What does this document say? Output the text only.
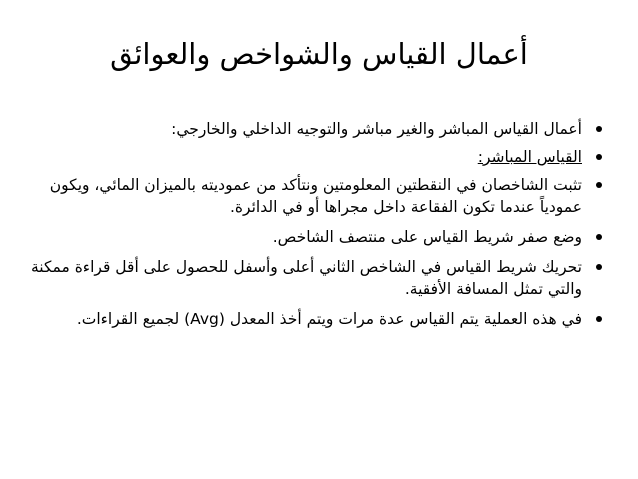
أعمال القياس والشواخص والعوائق
أعمال القياس المباشر والغير مباشر والتوجيه الداخلي والخارجي:
القياس المباشر:
تثبت الشاخصان في النقطتين المعلومتين ونتأكد من عموديته بالميزان المائي، ويكون عمودياً عندما تكون الفقاعة داخل مجراها أو في الدائرة.
وضع صفر شريط القياس على منتصف الشاخص.
تحريك شريط القياس في الشاخص الثاني أعلى وأسفل للحصول على أقل قراءة ممكنة والتي تمثل المسافة الأفقية.
في هذه العملية يتم القياس عدة مرات ويتم أخذ المعدل (Avg) لجميع القراءات.
